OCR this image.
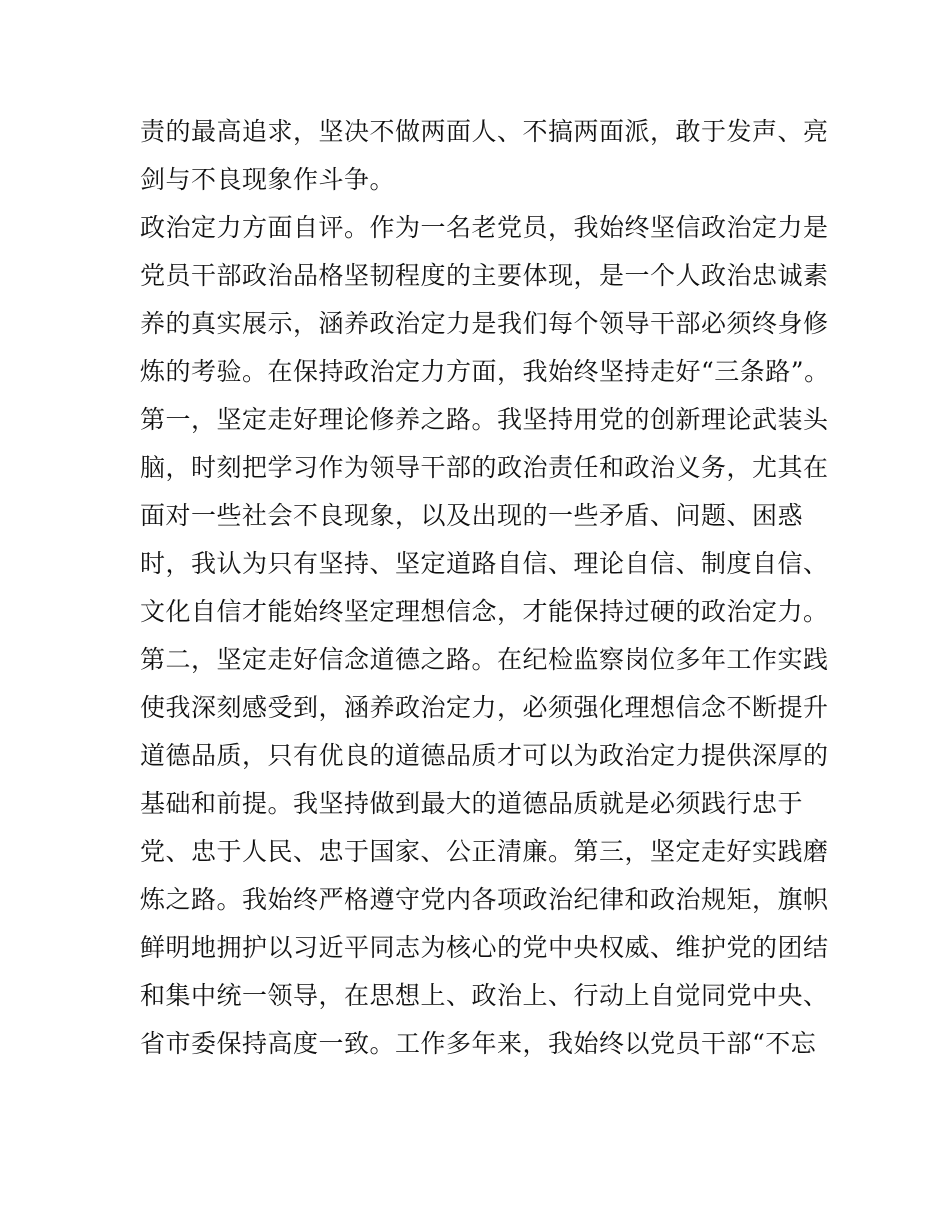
责的最高追求，坚决不做两面人、不搞两面派，敢于发声、亮
剑与不良现象作斗争。
政治定力方面自评。作为一名老党员，我始终坚信政治定力是
党员干部政治品格坚韧程度的主要体现，是一个人政治忠诚素
养的真实展示，涵养政治定力是我们每个领导干部必须终身修
炼的考验。在保持政治定力方面，我始终坚持走好“三条路”。
第一，坚定走好理论修养之路。我坚持用党的创新理论武装头
脑，时刻把学习作为领导干部的政治责任和政治义务，尤其在
面对一些社会不良现象，以及出现的一些矛盾、问题、困惑
时，我认为只有坚持、坚定道路自信、理论自信、制度自信、
文化自信才能始终坚定理想信念，才能保持过硬的政治定力。
第二，坚定走好信念道德之路。在纪检监察岗位多年工作实践
使我深刻感受到，涵养政治定力，必须强化理想信念不断提升
道德品质，只有优良的道德品质才可以为政治定力提供深厚的
基础和前提。我坚持做到最大的道德品质就是必须践行忠于
党、忠于人民、忠于国家、公正清廉。第三，坚定走好实践磨
炼之路。我始终严格遵守党内各项政治纪律和政治规矩，旗帜
鲜明地拥护以习近平同志为核心的党中央权威、维护党的团结
和集中统一领导，在思想上、政治上、行动上自觉同党中央、
省市委保持高度一致。工作多年来，我始终以党员干部“不忘
